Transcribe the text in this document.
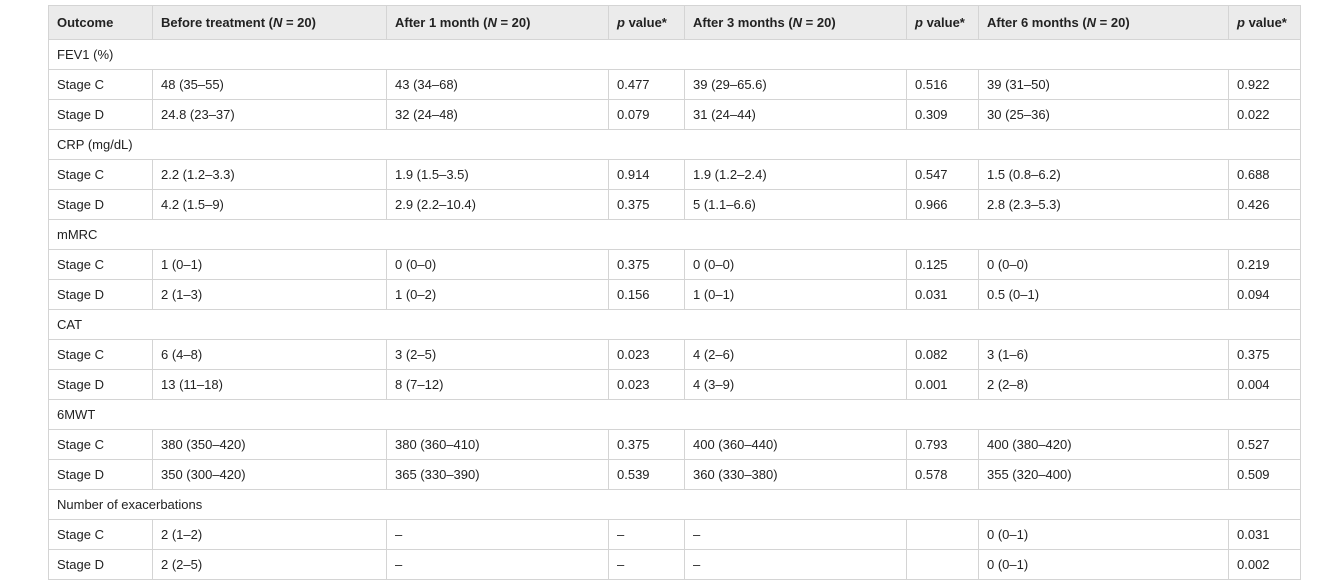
Outcome	Before treatment (N = 20)	After 1 month (N = 20)	p value*	After 3 months (N = 20)	p value*	After 6 months (N = 20)	p value*
FEV1 (%)							
Stage C	48 (35–55)	43 (34–68)	0.477	39 (29–65.6)	0.516	39 (31–50)	0.922
Stage D	24.8 (23–37)	32 (24–48)	0.079	31 (24–44)	0.309	30 (25–36)	0.022
CRP (mg/dL)							
Stage C	2.2 (1.2–3.3)	1.9 (1.5–3.5)	0.914	1.9 (1.2–2.4)	0.547	1.5 (0.8–6.2)	0.688
Stage D	4.2 (1.5–9)	2.9 (2.2–10.4)	0.375	5 (1.1–6.6)	0.966	2.8 (2.3–5.3)	0.426
mMRC							
Stage C	1 (0–1)	0 (0–0)	0.375	0 (0–0)	0.125	0 (0–0)	0.219
Stage D	2 (1–3)	1 (0–2)	0.156	1 (0–1)	0.031	0.5 (0–1)	0.094
CAT							
Stage C	6 (4–8)	3 (2–5)	0.023	4 (2–6)	0.082	3 (1–6)	0.375
Stage D	13 (11–18)	8 (7–12)	0.023	4 (3–9)	0.001	2 (2–8)	0.004
6MWT							
Stage C	380 (350–420)	380 (360–410)	0.375	400 (360–440)	0.793	400 (380–420)	0.527
Stage D	350 (300–420)	365 (330–390)	0.539	360 (330–380)	0.578	355 (320–400)	0.509
Number of exacerbations							
Stage C	2 (1–2)	–	–	–		0 (0–1)	0.031
Stage D	2 (2–5)	–	–	–		0 (0–1)	0.002
